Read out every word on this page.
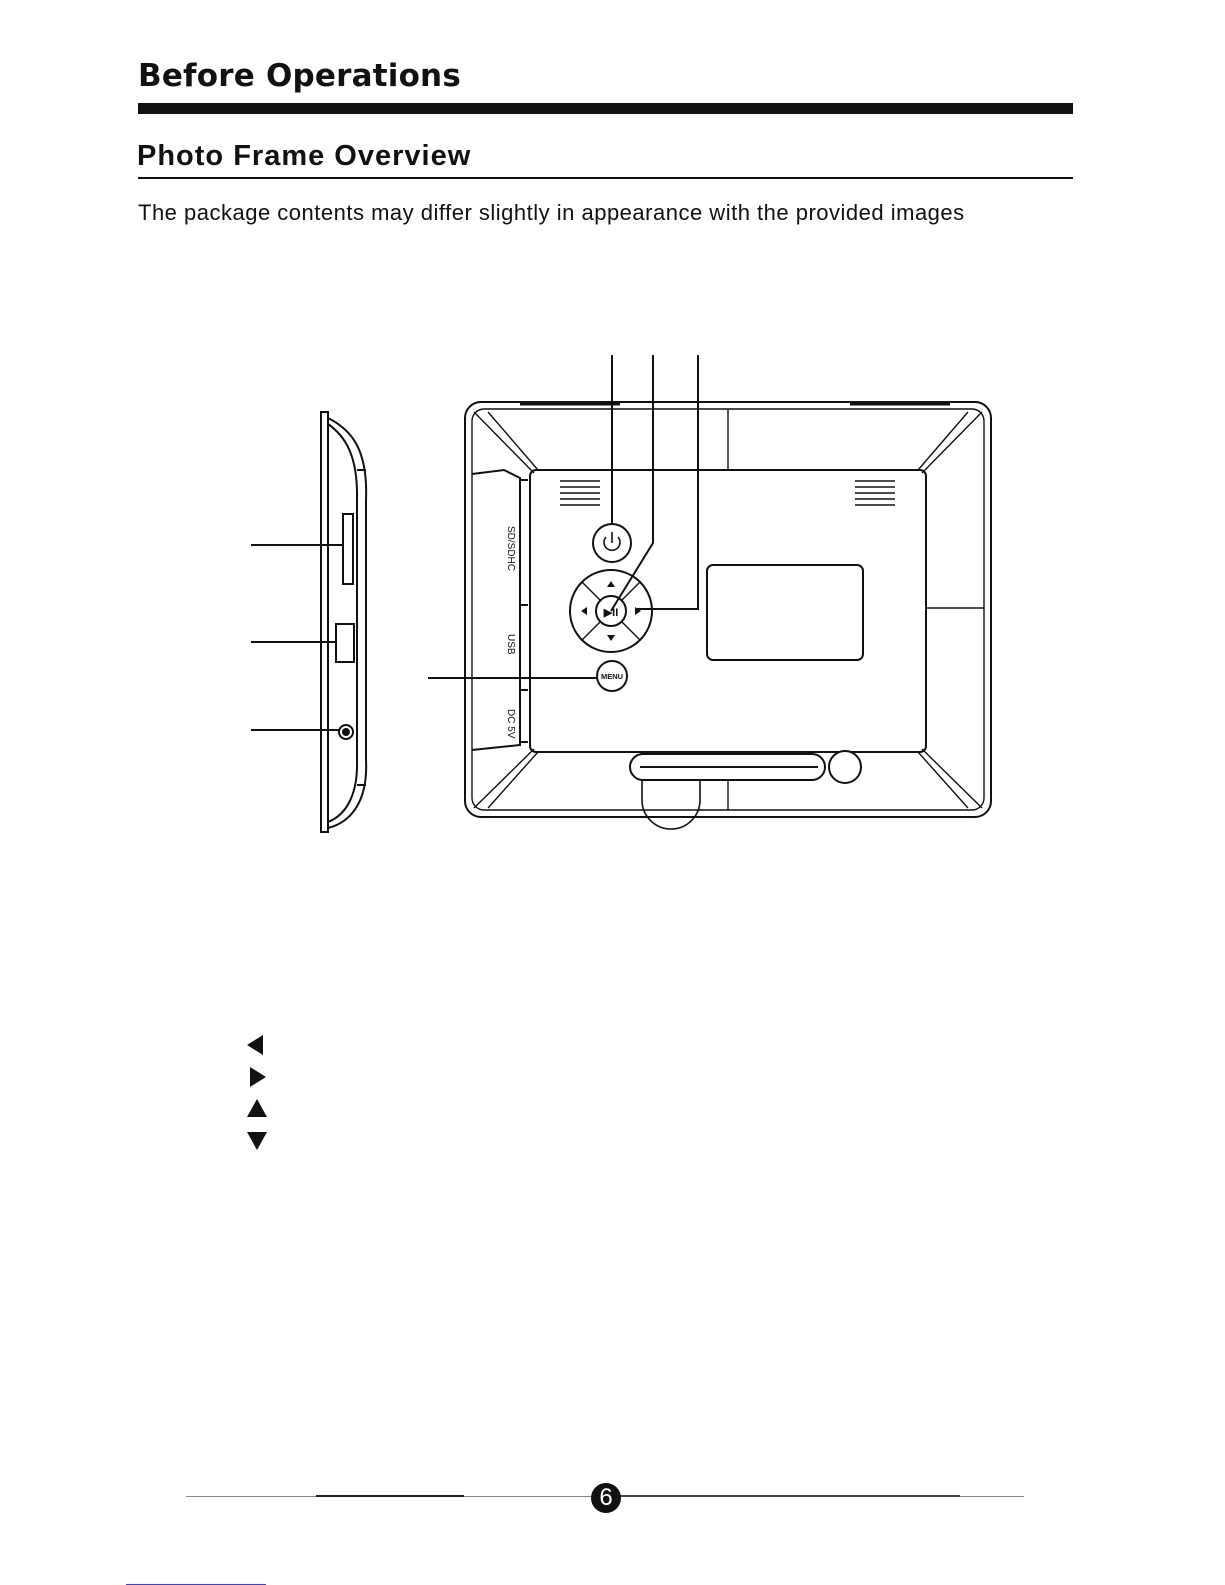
Before Operations
Photo Frame Overview

The package contents may differ slightly in appearance with the provided images

▶II
MENU
SD/SDHC
USB
DC 5V
6
